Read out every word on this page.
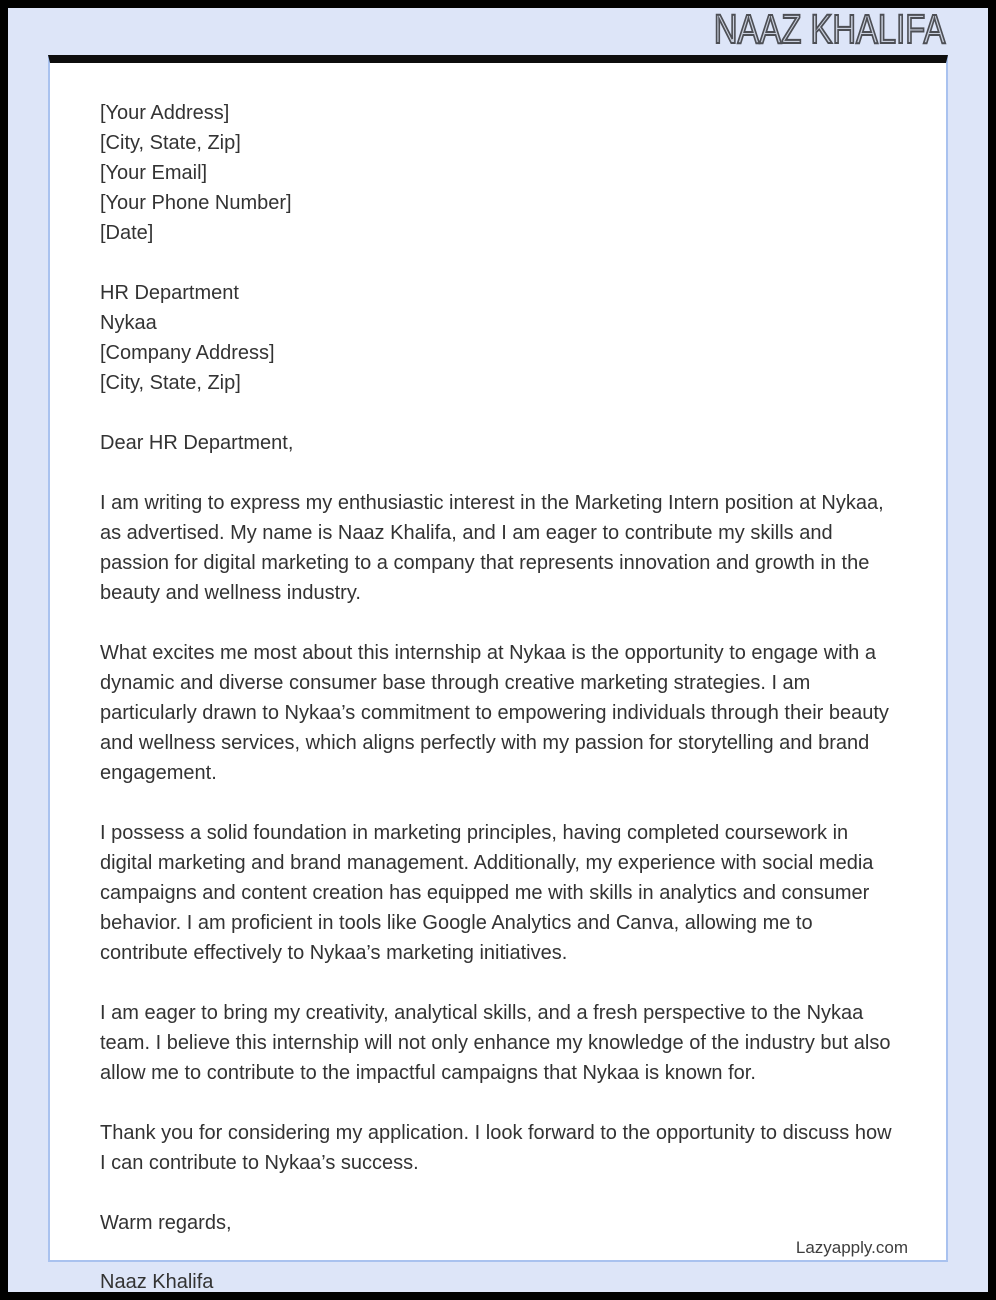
NAAZ KHALIFA
[Your Address]
[City, State, Zip]
[Your Email]
[Your Phone Number]
[Date]
HR Department
Nykaa
[Company Address]
[City, State, Zip]

Dear HR Department,

I am writing to express my enthusiastic interest in the Marketing Intern position at Nykaa, as advertised. My name is Naaz Khalifa, and I am eager to contribute my skills and passion for digital marketing to a company that represents innovation and growth in the beauty and wellness industry.

What excites me most about this internship at Nykaa is the opportunity to engage with a dynamic and diverse consumer base through creative marketing strategies. I am particularly drawn to Nykaa’s commitment to empowering individuals through their beauty and wellness services, which aligns perfectly with my passion for storytelling and brand engagement.

I possess a solid foundation in marketing principles, having completed coursework in digital marketing and brand management. Additionally, my experience with social media campaigns and content creation has equipped me with skills in analytics and consumer behavior. I am proficient in tools like Google Analytics and Canva, allowing me to contribute effectively to Nykaa’s marketing initiatives.

I am eager to bring my creativity, analytical skills, and a fresh perspective to the Nykaa team. I believe this internship will not only enhance my knowledge of the industry but also allow me to contribute to the impactful campaigns that Nykaa is known for.

Thank you for considering my application. I look forward to the opportunity to discuss how I can contribute to Nykaa’s success.

Warm regards,

Lazyapply.com
Naaz Khalifa
